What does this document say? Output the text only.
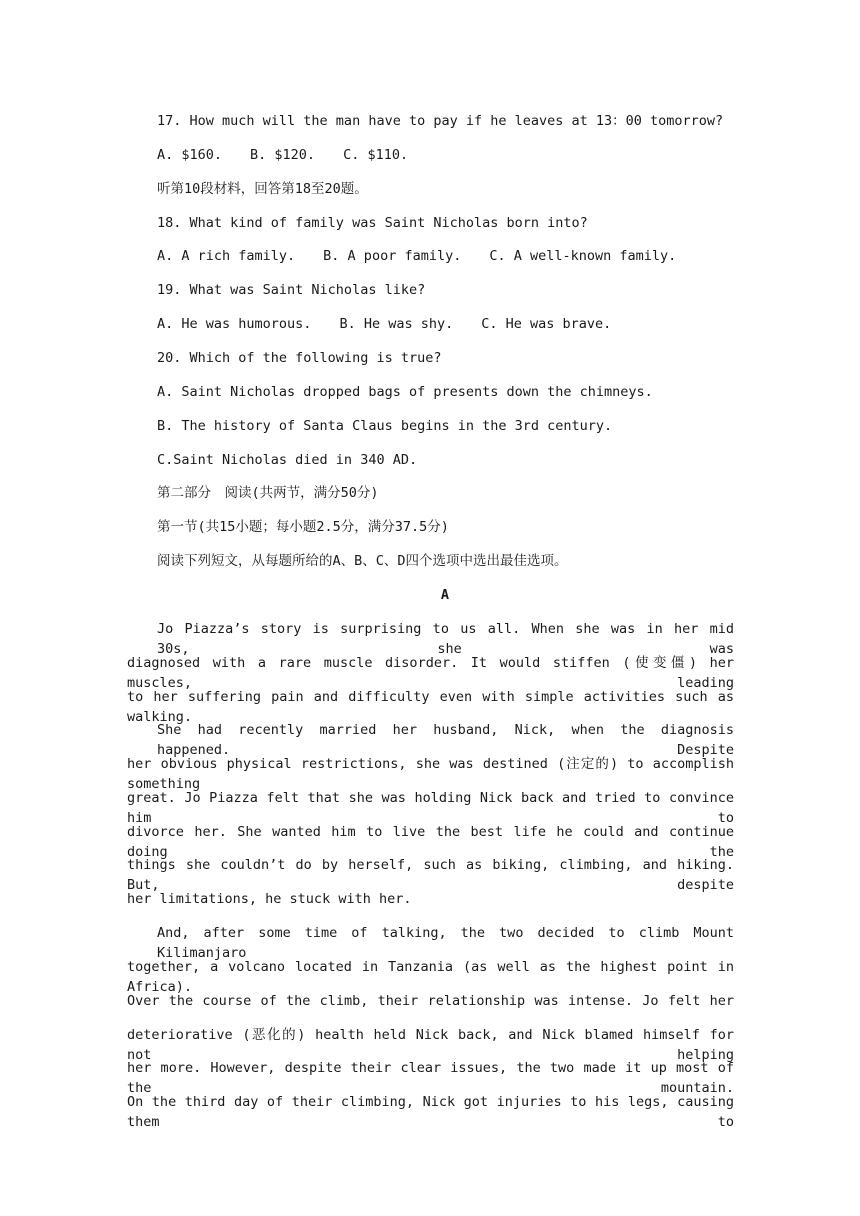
17. How much will the man have to pay if he leaves at 13：00 tomorrow?
A. $160. B. $120. C. $110.
听第10段材料，回答第18至20题。
18. What kind of family was Saint Nicholas born into?
A. A rich family. B. A poor family. C. A well-known family.
19. What was Saint Nicholas like?
A. He was humorous. B. He was shy. C. He was brave.
20. Which of the following is true?
A. Saint Nicholas dropped bags of presents down the chimneys.
B. The history of Santa Claus begins in the 3rd century.
C.Saint Nicholas died in 340 AD.
第二部分　阅读(共两节，满分50分)
第一节(共15小题；每小题2.5分，满分37.5分)
阅读下列短文，从每题所给的A、B、C、D四个选项中选出最佳选项。
A
Jo Piazza’s story is surprising to us all. When she was in her mid 30s, she was
diagnosed with a rare muscle disorder. It would stiffen (使变僵) her muscles, leading
to her suffering pain and difficulty even with simple activities such as walking.
She had recently married her husband, Nick, when the diagnosis happened. Despite
her obvious physical restrictions, she was destined (注定的) to accomplish something
great. Jo Piazza felt that she was holding Nick back and tried to convince him to
divorce her. She wanted him to live the best life he could and continue doing the
things she couldn’t do by herself, such as biking, climbing, and hiking. But, despite
her limitations, he stuck with her.
And, after some time of talking, the two decided to climb Mount Kilimanjaro
together, a volcano located in Tanzania (as well as the highest point in Africa).
Over the course of the climb, their relationship was intense. Jo felt her
deteriorative (恶化的) health held Nick back, and Nick blamed himself for not helping
her more. However, despite their clear issues, the two made it up most of the mountain.
On the third day of their climbing, Nick got injuries to his legs, causing them to
